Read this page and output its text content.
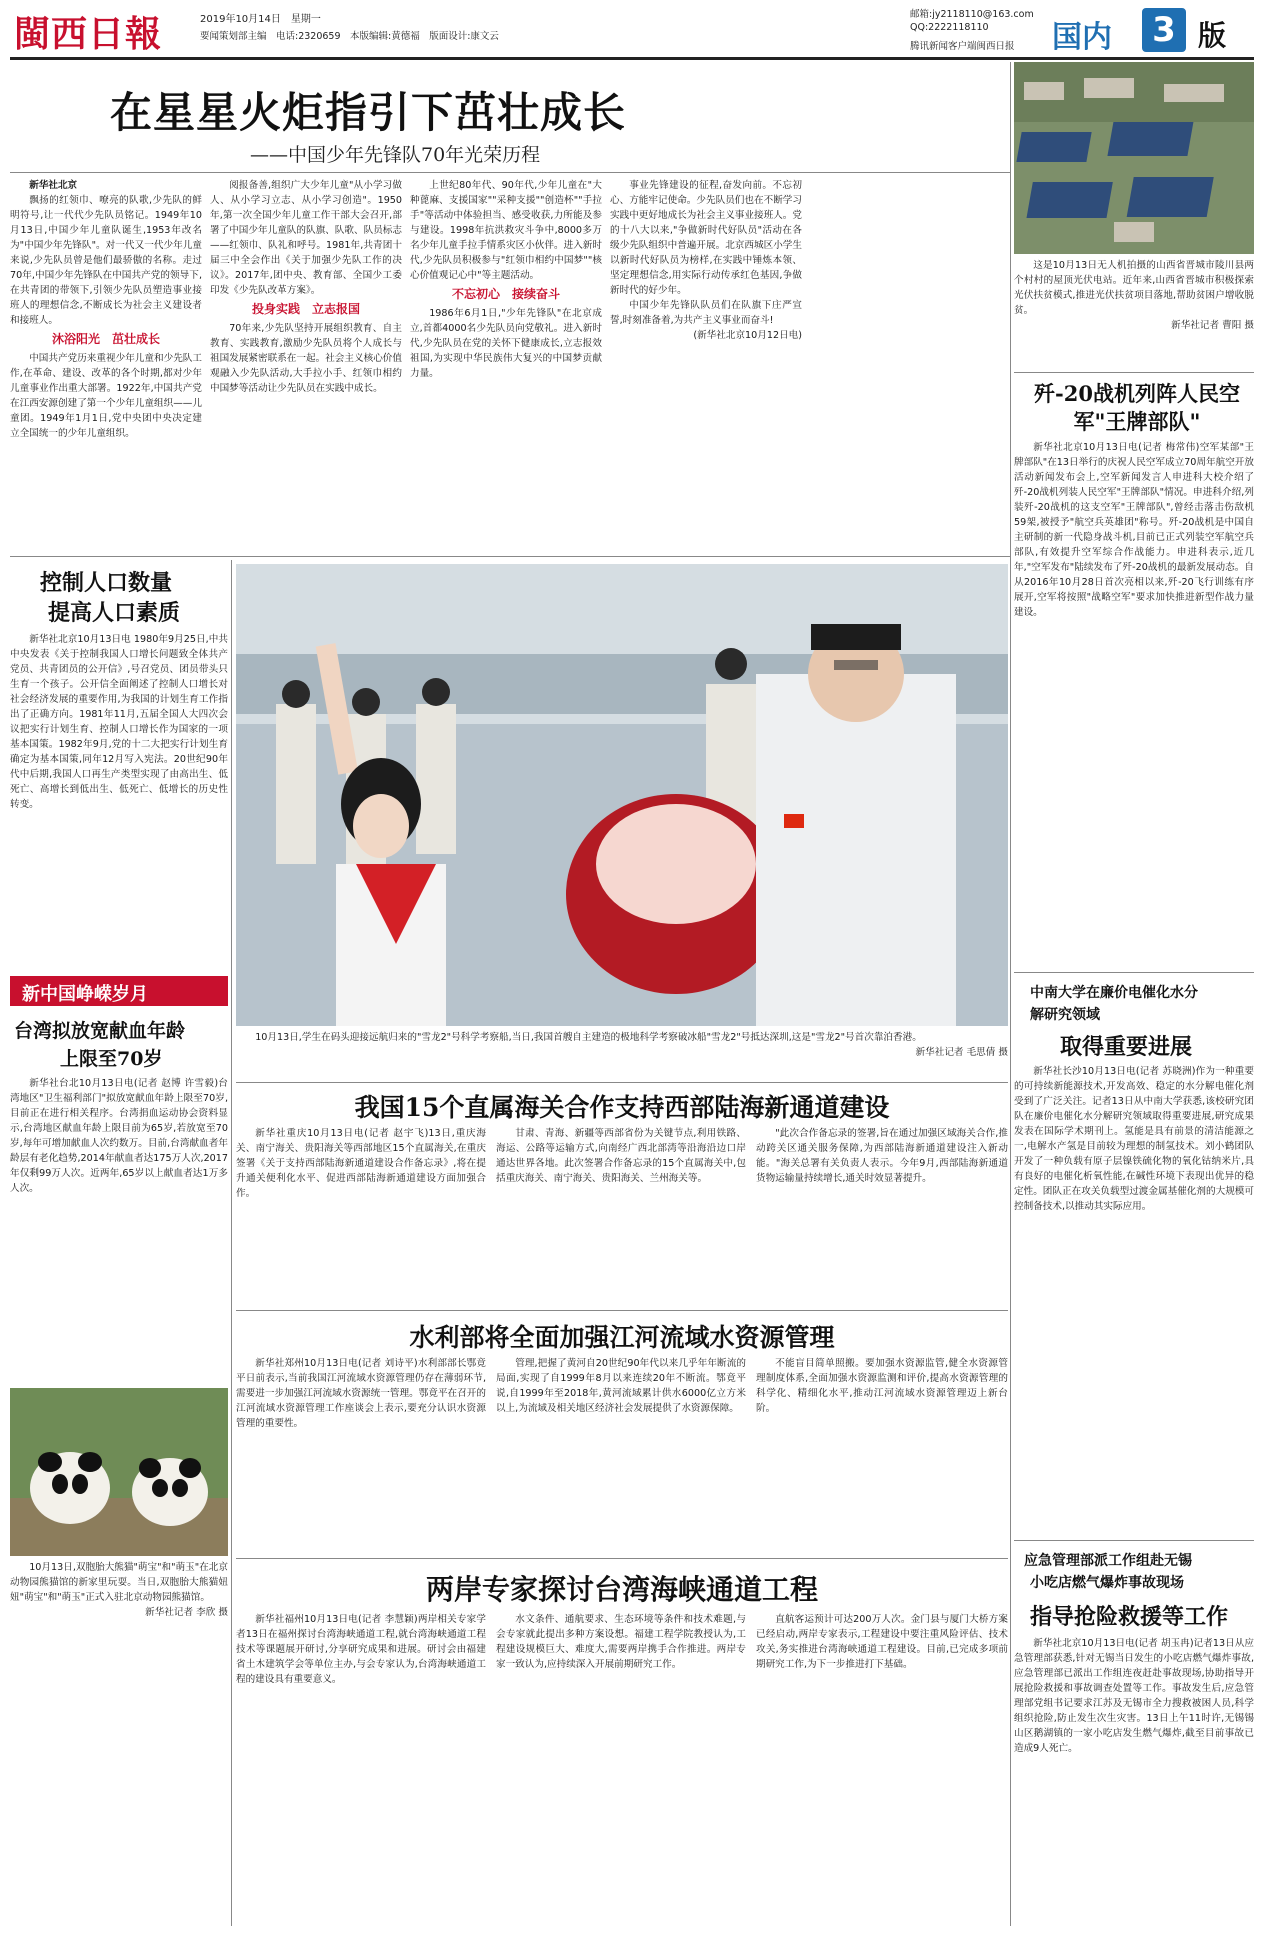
閩西日報	2019年10月14日　星期一
要闻策划部主编　电话:2320659　本版编辑:黄德福　版面设计:康文云
邮箱:jy2118110@163.com
QQ:2222118110
腾讯新闻客户端闽西日报 国内 3 版
在星星火炬指引下茁壮成长
——中国少年先锋队70年光荣历程

新华社北京

飘扬的红领巾、嘹亮的队歌,少先队的鲜明符号,让一代代少先队员铭记。1949年10月13日,中国少年儿童队诞生,1953年改名为"中国少年先锋队"。对一代又一代少年儿童来说,少先队员曾是他们最骄傲的名称。走过70年,中国少年先锋队在中国共产党的领导下,在共青团的带领下,引领少先队员塑造事业接班人的理想信念,不断成长为社会主义建设者和接班人。

沐浴阳光　茁壮成长

中国共产党历来重视少年儿童和少先队工作,在革命、建设、改革的各个时期,都对少年儿童事业作出重大部署。1922年,中国共产党在江西安源创建了第一个少年儿童组织——儿童团。1949年1月1日,党中央团中央决定建立全国统一的少年儿童组织。

阅报备善,组织广大少年儿童"从小学习做人、从小学习立志、从小学习创造"。1950年,第一次全国少年儿童工作干部大会召开,部署了中国少年儿童队的队旗、队歌、队员标志——红领巾、队礼和呼号。1981年,共青团十届三中全会作出《关于加强少先队工作的决议》。2017年,团中央、教育部、全国少工委印发《少先队改革方案》。

投身实践　立志报国

70年来,少先队坚持开展组织教育、自主教育、实践教育,激励少先队员将个人成长与祖国发展紧密联系在一起。社会主义核心价值观融入少先队活动,大手拉小手、红领巾相约中国梦等活动让少先队员在实践中成长。

上世纪80年代、90年代,少年儿童在"大种蓖麻、支援国家""采种支援""创造杯""手拉手"等活动中体验担当、感受收获,力所能及参与建设。1998年抗洪救灾斗争中,8000多万名少年儿童手拉手情系灾区小伙伴。进入新时代,少先队员积极参与"红领巾相约中国梦""核心价值观记心中"等主题活动。

不忘初心　接续奋斗

1986年6月1日,"少年先锋队"在北京成立,首都4000名少先队员向党敬礼。进入新时代,少先队员在党的关怀下健康成长,立志报效祖国,为实现中华民族伟大复兴的中国梦贡献力量。

事业先锋建设的征程,奋发向前。不忘初心、方能牢记使命。少先队员们也在不断学习实践中更好地成长为社会主义事业接班人。党的十八大以来,"争做新时代好队员"活动在各级少先队组织中普遍开展。北京西城区小学生以新时代好队员为榜样,在实践中锤炼本领、坚定理想信念,用实际行动传承红色基因,争做新时代的好少年。

中国少年先锋队队员们在队旗下庄严宣誓,时刻准备着,为共产主义事业而奋斗!

(新华社北京10月12日电)

这是10月13日无人机拍摄的山西省晋城市陵川县两个村村的屋顶光伏电站。近年来,山西省晋城市积极探索光伏扶贫模式,推进光伏扶贫项目落地,帮助贫困户增收脱贫。

新华社记者 曹阳 摄

歼-20战机列阵人民空军"王牌部队"

新华社北京10月13日电(记者 梅常伟)空军某部"王牌部队"在13日举行的庆祝人民空军成立70周年航空开放活动新闻发布会上,空军新闻发言人申进科大校介绍了歼-20战机列装人民空军"王牌部队"情况。申进科介绍,列装歼-20战机的这支空军"王牌部队",曾经击落击伤敌机59架,被授予"航空兵英雄团"称号。歼-20战机是中国自主研制的新一代隐身战斗机,目前已正式列装空军航空兵部队,有效提升空军综合作战能力。申进科表示,近几年,"空军发布"陆续发布了歼-20战机的最新发展动态。自从2016年10月28日首次亮相以来,歼-20飞行训练有序展开,空军将按照"战略空军"要求加快推进新型作战力量建设。

中南大学在廉价电催化水分
解研究领域
取得重要进展

新华社长沙10月13日电(记者 苏晓洲)作为一种重要的可持续新能源技术,开发高效、稳定的水分解电催化剂受到了广泛关注。记者13日从中南大学获悉,该校研究团队在廉价电催化水分解研究领域取得重要进展,研究成果发表在国际学术期刊上。氢能是具有前景的清洁能源之一,电解水产氢是目前较为理想的制氢技术。刘小鹤团队开发了一种负载有原子层镍铁硫化物的氧化钴纳米片,具有良好的电催化析氧性能,在碱性环境下表现出优异的稳定性。团队正在攻关负载型过渡金属基催化剂的大规模可控制备技术,以推动其实际应用。

应急管理部派工作组赴无锡
小吃店燃气爆炸事故现场
指导抢险救援等工作

新华社北京10月13日电(记者 胡玉冉)记者13日从应急管理部获悉,针对无锡当日发生的小吃店燃气爆炸事故,应急管理部已派出工作组连夜赶赴事故现场,协助指导开展抢险救援和事故调查处置等工作。事故发生后,应急管理部党组书记要求江苏及无锡市全力搜救被困人员,科学组织抢险,防止发生次生灾害。13日上午11时许,无锡锡山区鹅湖镇的一家小吃店发生燃气爆炸,截至目前事故已造成9人死亡。

控制人口数量
提高人口素质

新华社北京10月13日电 1980年9月25日,中共中央发表《关于控制我国人口增长问题致全体共产党员、共青团员的公开信》,号召党员、团员带头只生育一个孩子。公开信全面阐述了控制人口增长对社会经济发展的重要作用,为我国的计划生育工作指出了正确方向。1981年11月,五届全国人大四次会议把实行计划生育、控制人口增长作为国家的一项基本国策。1982年9月,党的十二大把实行计划生育确定为基本国策,同年12月写入宪法。20世纪90年代中后期,我国人口再生产类型实现了由高出生、低死亡、高增长到低出生、低死亡、低增长的历史性转变。

新中国峥嵘岁月
台湾拟放宽献血年龄
上限至70岁

新华社台北10月13日电(记者 赵博 许雪毅)台湾地区"卫生福利部门"拟放宽献血年龄上限至70岁,目前正在进行相关程序。台湾捐血运动协会资料显示,台湾地区献血年龄上限目前为65岁,若放宽至70岁,每年可增加献血人次约数万。目前,台湾献血者年龄层有老化趋势,2014年献血者达175万人次,2017年仅剩99万人次。近两年,65岁以上献血者达1万多人次。

10月13日,双胞胎大熊猫"萌宝"和"萌玉"在北京动物园熊猫馆的新家里玩耍。当日,双胞胎大熊猫妞妞"萌宝"和"萌玉"正式入驻北京动物园熊猫馆。

新华社记者 李欣 摄

10月13日,学生在码头迎接远航归来的"雪龙2"号科学考察船,当日,我国首艘自主建造的极地科学考察破冰船"雪龙2"号抵达深圳,这是"雪龙2"号首次靠泊香港。

新华社记者 毛思倩 摄

我国15个直属海关合作支持西部陆海新通道建设

新华社重庆10月13日电(记者 赵宇飞)13日,重庆海关、南宁海关、贵阳海关等西部地区15个直属海关,在重庆签署《关于支持西部陆海新通道建设合作备忘录》,将在提升通关便利化水平、促进西部陆海新通道建设方面加强合作。

甘肃、青海、新疆等西部省份为关键节点,利用铁路、海运、公路等运输方式,向南经广西北部湾等沿海沿边口岸通达世界各地。此次签署合作备忘录的15个直属海关中,包括重庆海关、南宁海关、贵阳海关、兰州海关等。

"此次合作备忘录的签署,旨在通过加强区域海关合作,推动跨关区通关服务保障,为西部陆海新通道建设注入新动能。"海关总署有关负责人表示。今年9月,西部陆海新通道货物运输量持续增长,通关时效显著提升。

水利部将全面加强江河流域水资源管理

新华社郑州10月13日电(记者 刘诗平)水利部部长鄂竟平日前表示,当前我国江河流域水资源管理仍存在薄弱环节,需要进一步加强江河流域水资源统一管理。鄂竟平在召开的江河流域水资源管理工作座谈会上表示,要充分认识水资源管理的重要性。

管理,把握了黄河自20世纪90年代以来几乎年年断流的局面,实现了自1999年8月以来连续20年不断流。鄂竟平说,自1999年至2018年,黄河流域累计供水6000亿立方米以上,为流域及相关地区经济社会发展提供了水资源保障。

不能盲目简单照搬。要加强水资源监管,健全水资源管理制度体系,全面加强水资源监测和评价,提高水资源管理的科学化、精细化水平,推动江河流域水资源管理迈上新台阶。

两岸专家探讨台湾海峡通道工程

新华社福州10月13日电(记者 李慧颖)两岸相关专家学者13日在福州探讨台湾海峡通道工程,就台湾海峡通道工程技术等课题展开研讨,分享研究成果和进展。研讨会由福建省土木建筑学会等单位主办,与会专家认为,台湾海峡通道工程的建设具有重要意义。

水文条件、通航要求、生态环境等条件和技术难题,与会专家就此提出多种方案设想。福建工程学院教授认为,工程建设规模巨大、难度大,需要两岸携手合作推进。两岸专家一致认为,应持续深入开展前期研究工作。

直航客运预计可达200万人次。金门县与厦门大桥方案已经启动,两岸专家表示,工程建设中要注重风险评估、技术攻关,务实推进台湾海峡通道工程建设。目前,已完成多项前期研究工作,为下一步推进打下基础。
